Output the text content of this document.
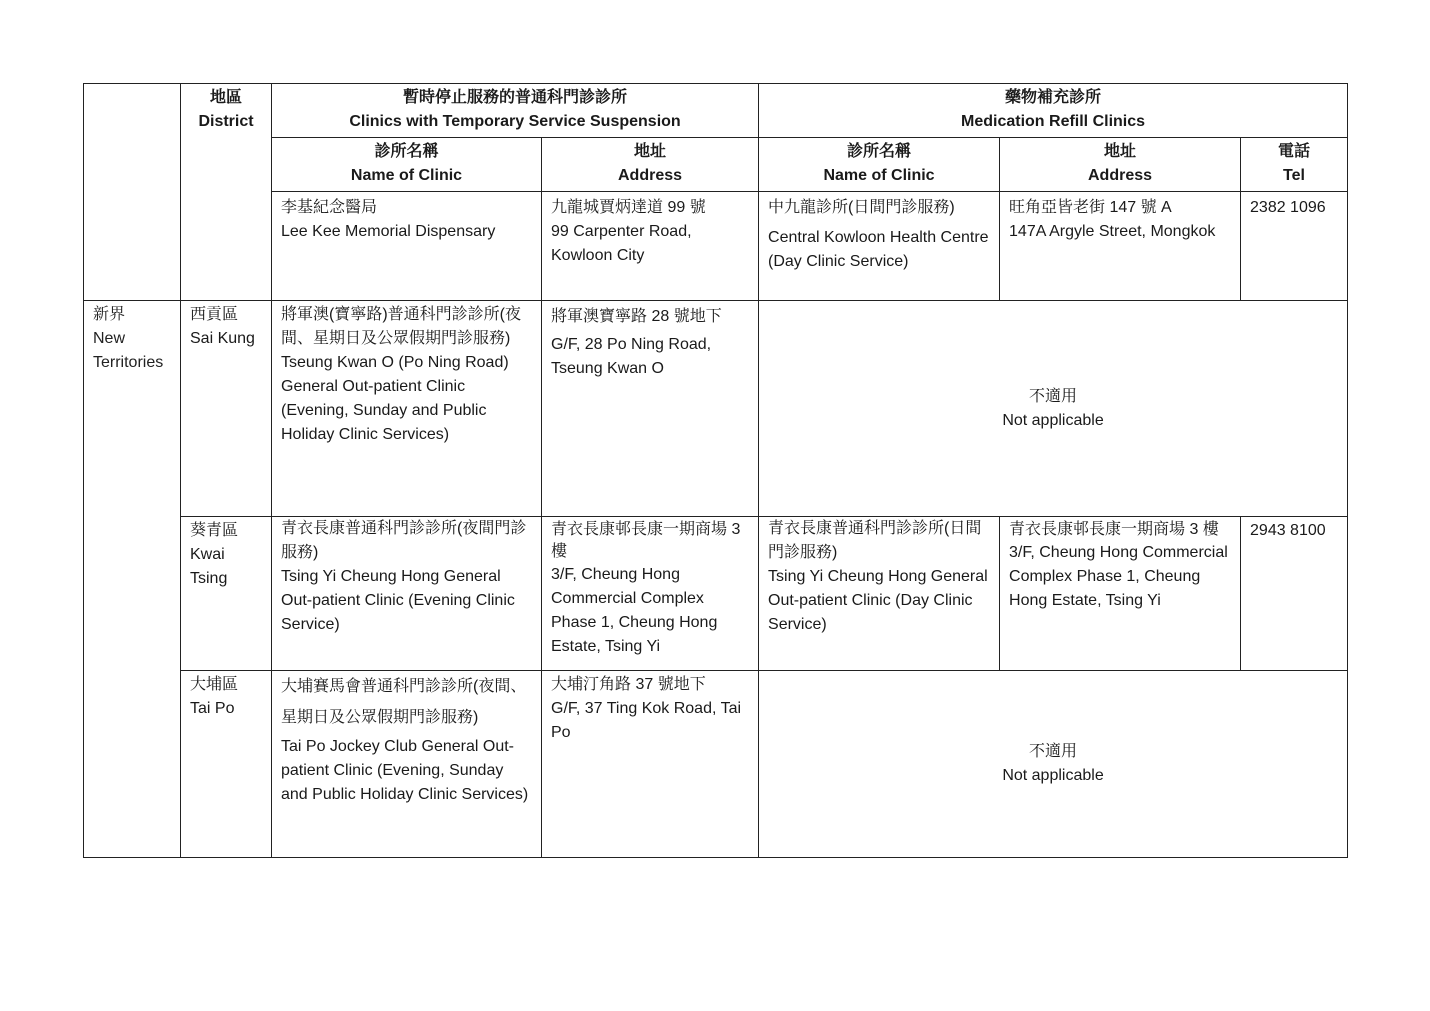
	地區
District	暫時停止服務的普通科門診診所
Clinics with Temporary Service Suspension		藥物補充診所
Medication Refill Clinics		

		診所名稱
Name of Clinic	地址
Address	診所名稱
Name of Clinic	地址
Address	電話
Tel

		李基紀念醫局
Lee Kee Memorial Dispensary	九龍城賈炳達道 99 號
99 Carpenter Road, Kowloon City	中九龍診所(日間門診服務)
Central Kowloon Health Centre (Day Clinic Service)	旺角亞皆老街 147 號 A
147A Argyle Street, Mongkok	2382 1096

新界
New Territories	西貢區
Sai Kung	將軍澳(寶寧路)普通科門診診所(夜間、星期日及公眾假期門診服務)
Tseung Kwan O (Po Ning Road) General Out-patient Clinic (Evening, Sunday and Public Holiday Clinic Services)	將軍澳寶寧路 28 號地下
G/F, 28 Po Ning Road, Tseung Kwan O	不適用
Not applicable		

	葵青區
Kwai Tsing	青衣長康普通科門診診所(夜間門診服務)
Tsing Yi Cheung Hong General Out-patient Clinic (Evening Clinic Service)	青衣長康邨長康一期商場 3 樓
3/F, Cheung Hong Commercial Complex Phase 1, Cheung Hong Estate, Tsing Yi	青衣長康普通科門診診所(日間門診服務)
Tsing Yi Cheung Hong General Out-patient Clinic (Day Clinic Service)	青衣長康邨長康一期商場 3 樓
3/F, Cheung Hong Commercial Complex Phase 1, Cheung Hong Estate, Tsing Yi	2943 8100

	大埔區
Tai Po	大埔賽馬會普通科門診診所(夜間、星期日及公眾假期門診服務)
Tai Po Jockey Club General Out-patient Clinic (Evening, Sunday and Public Holiday Clinic Services)	大埔汀角路 37 號地下
G/F, 37 Ting Kok Road, Tai Po	不適用
Not applicable		
